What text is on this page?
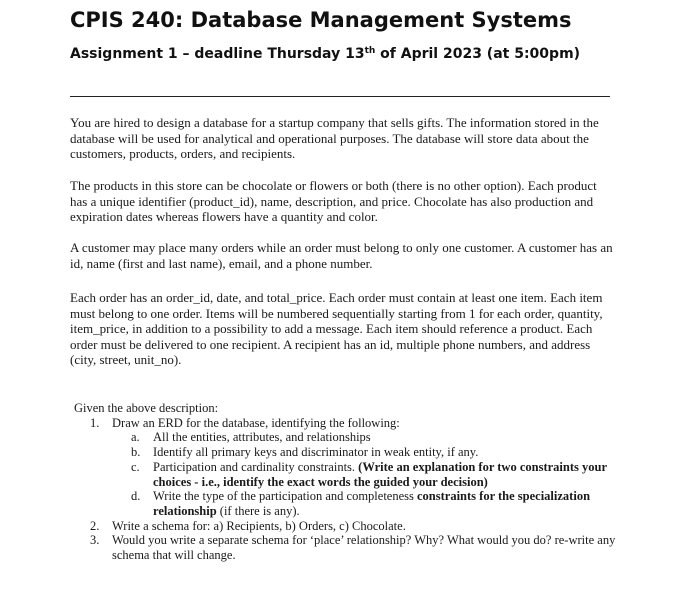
CPIS 240: Database Management Systems
Assignment 1 – deadline Thursday 13th of April 2023 (at 5:00pm)

You are hired to design a database for a startup company that sells gifts. The information stored in the database will be used for analytical and operational purposes. The database will store data about the customers, products, orders, and recipients.

The products in this store can be chocolate or flowers or both (there is no other option). Each product has a unique identifier (product_id), name, description, and price. Chocolate has also production and expiration dates whereas flowers have a quantity and color.

A customer may place many orders while an order must belong to only one customer. A customer has an id, name (first and last name), email, and a phone number.

Each order has an order_id, date, and total_price. Each order must contain at least one item. Each item must belong to one order. Items will be numbered sequentially starting from 1 for each order, quantity, item_price, in addition to a possibility to add a message. Each item should reference a product. Each order must be delivered to one recipient. A recipient has an id, multiple phone numbers, and address (city, street, unit_no).

Given the above description:
1. Draw an ERD for the database, identifying the following:
a. All the entities, attributes, and relationships
b. Identify all primary keys and discriminator in weak entity, if any.
c. Participation and cardinality constraints. (Write an explanation for two constraints your choices - i.e., identify the exact words the guided your decision)
d. Write the type of the participation and completeness constraints for the specialization relationship (if there is any).
2. Write a schema for: a) Recipients, b) Orders, c) Chocolate.
3. Would you write a separate schema for ‘place’ relationship? Why? What would you do? re-write any schema that will change.
